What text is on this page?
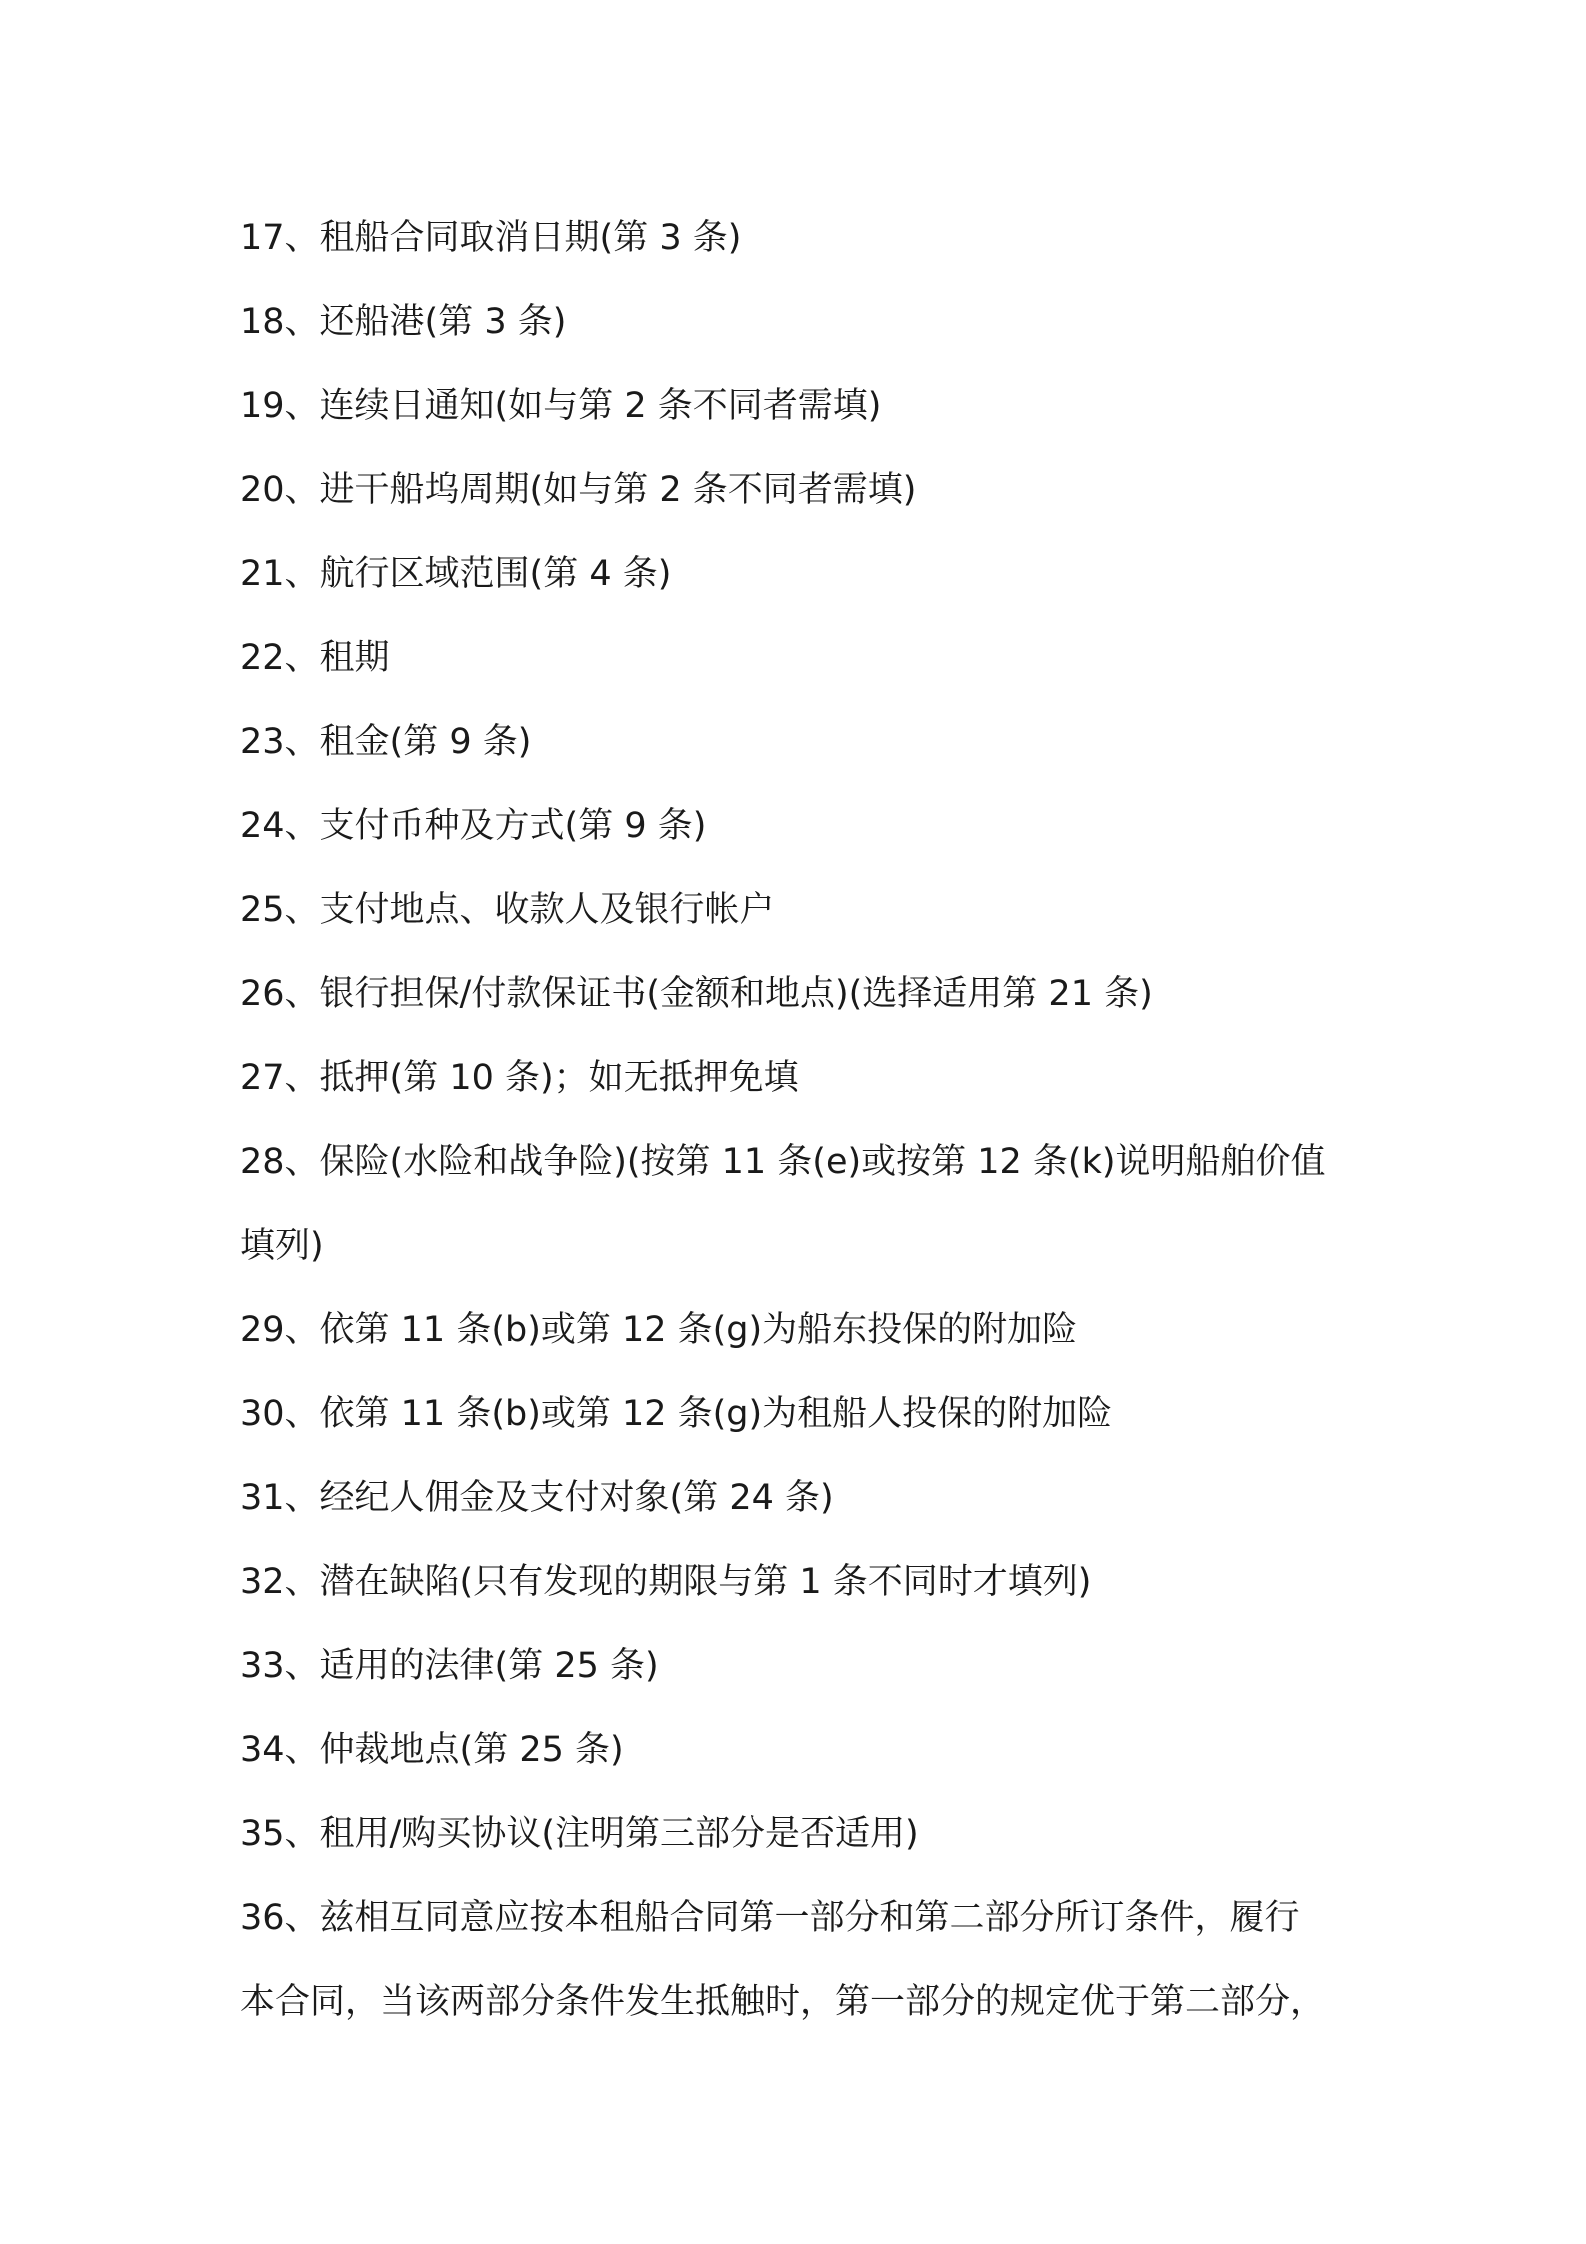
17、租船合同取消日期(第 3 条)
18、还船港(第 3 条)
19、连续日通知(如与第 2 条不同者需填)
20、进干船坞周期(如与第 2 条不同者需填)
21、航行区域范围(第 4 条)
22、租期
23、租金(第 9 条)
24、支付币种及方式(第 9 条)
25、支付地点、收款人及银行帐户
26、银行担保/付款保证书(金额和地点)(选择适用第 21 条)
27、抵押(第 10 条)；如无抵押免填
28、保险(水险和战争险)(按第 11 条(e)或按第 12 条(k)说明船舶价值
填列)
29、依第 11 条(b)或第 12 条(g)为船东投保的附加险
30、依第 11 条(b)或第 12 条(g)为租船人投保的附加险
31、经纪人佣金及支付对象(第 24 条)
32、潜在缺陷(只有发现的期限与第 1 条不同时才填列)
33、适用的法律(第 25 条)
34、仲裁地点(第 25 条)
35、租用/购买协议(注明第三部分是否适用)
36、兹相互同意应按本租船合同第一部分和第二部分所订条件，履行
本合同，当该两部分条件发生抵触时，第一部分的规定优于第二部分，
